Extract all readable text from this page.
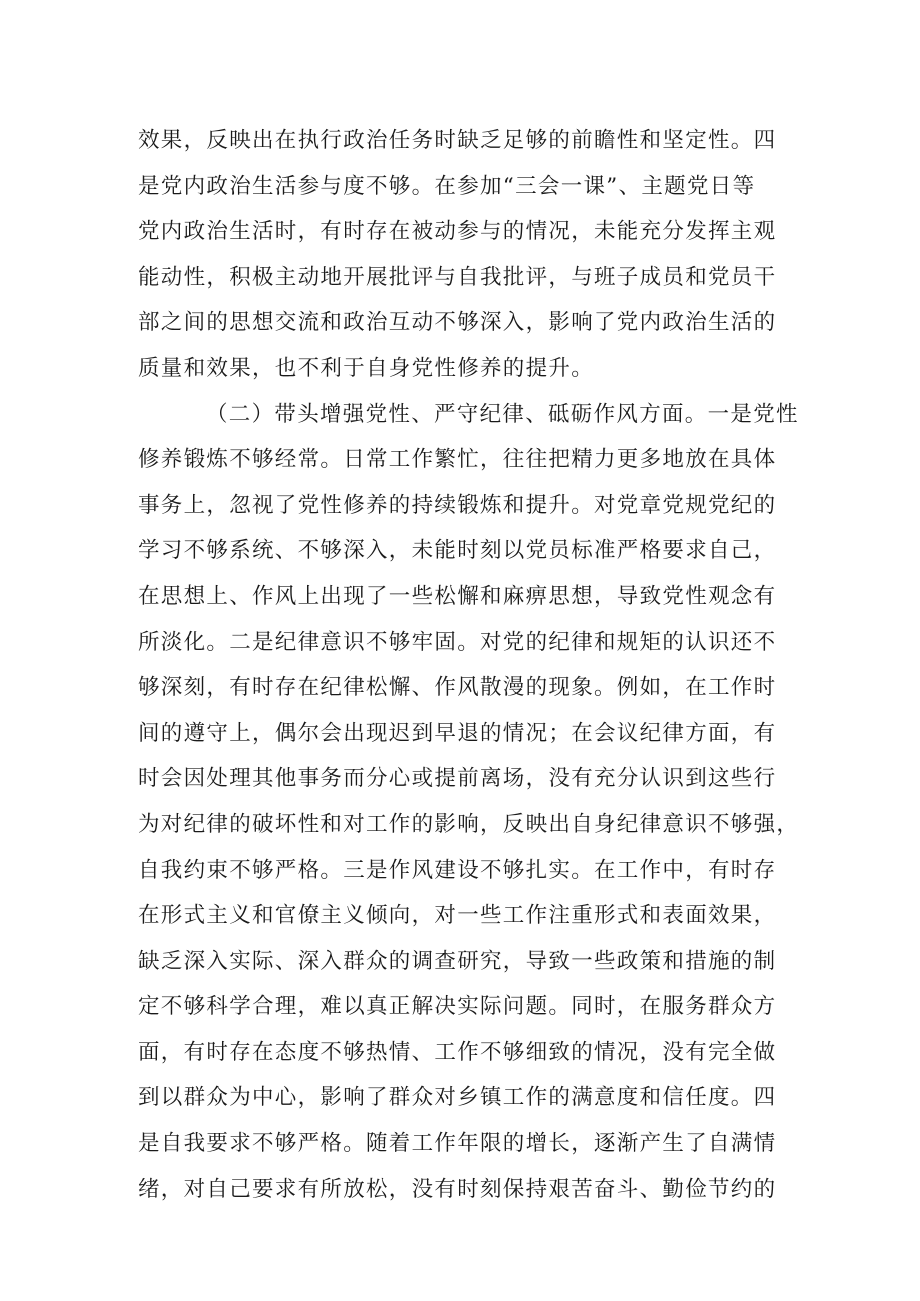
效果，反映出在执行政治任务时缺乏足够的前瞻性和坚定性。四
是党内政治生活参与度不够。在参加“三会一课”、主题党日等
党内政治生活时，有时存在被动参与的情况，未能充分发挥主观
能动性，积极主动地开展批评与自我批评，与班子成员和党员干
部之间的思想交流和政治互动不够深入，影响了党内政治生活的
质量和效果，也不利于自身党性修养的提升。
（二）带头增强党性、严守纪律、砥砺作风方面。一是党性
修养锻炼不够经常。日常工作繁忙，往往把精力更多地放在具体
事务上，忽视了党性修养的持续锻炼和提升。对党章党规党纪的
学习不够系统、不够深入，未能时刻以党员标准严格要求自己，
在思想上、作风上出现了一些松懈和麻痹思想，导致党性观念有
所淡化。二是纪律意识不够牢固。对党的纪律和规矩的认识还不
够深刻，有时存在纪律松懈、作风散漫的现象。例如，在工作时
间的遵守上，偶尔会出现迟到早退的情况；在会议纪律方面，有
时会因处理其他事务而分心或提前离场，没有充分认识到这些行
为对纪律的破坏性和对工作的影响，反映出自身纪律意识不够强，
自我约束不够严格。三是作风建设不够扎实。在工作中，有时存
在形式主义和官僚主义倾向，对一些工作注重形式和表面效果，
缺乏深入实际、深入群众的调查研究，导致一些政策和措施的制
定不够科学合理，难以真正解决实际问题。同时，在服务群众方
面，有时存在态度不够热情、工作不够细致的情况，没有完全做
到以群众为中心，影响了群众对乡镇工作的满意度和信任度。四
是自我要求不够严格。随着工作年限的增长，逐渐产生了自满情
绪，对自己要求有所放松，没有时刻保持艰苦奋斗、勤俭节约的
